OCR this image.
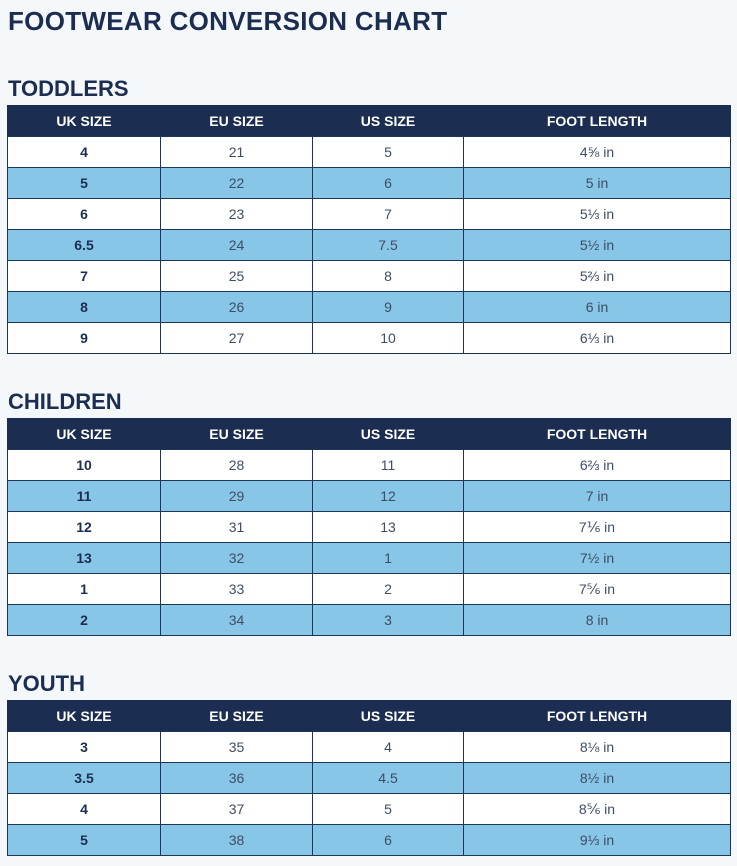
FOOTWEAR CONVERSION CHART
TODDLERS
UK SIZE	EU SIZE	US SIZE	FOOT LENGTH
4	21	5	4⅝ in
5	22	6	5 in
6	23	7	5⅓ in
6.5	24	7.5	5½ in
7	25	8	5⅔ in
8	26	9	6 in
9	27	10	6⅓ in
CHILDREN
UK SIZE	EU SIZE	US SIZE	FOOT LENGTH
10	28	11	6⅔ in
11	29	12	7 in
12	31	13	7⅙ in
13	32	1	7½ in
1	33	2	7⅚ in
2	34	3	8 in
YOUTH
UK SIZE	EU SIZE	US SIZE	FOOT LENGTH
3	35	4	8⅛ in
3.5	36	4.5	8½ in
4	37	5	8⅚ in
5	38	6	9⅓ in
